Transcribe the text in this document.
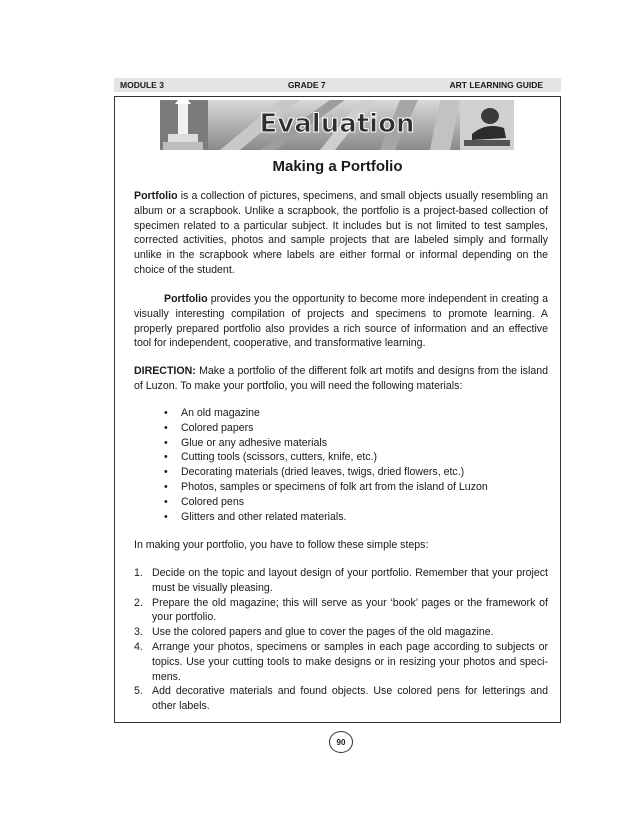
MODULE 3	GRADE 7	ART LEARNING GUIDE
Evaluation
Making a Portfolio
Portfolio is a collection of pictures, specimens, and small objects usually resembling an album or a scrapbook. Unlike a scrapbook, the portfolio is a project-based collection of specimen related to a particular subject. It includes but is not limited to test samples, corrected activities, photos and sample projects that are labeled simply and formally unlike in the scrapbook where labels are either formal or informal depending on the choice of the student.
Portfolio provides you the opportunity to become more independent in creating a visually interesting compilation of projects and specimens to promote learning. A properly prepared portfolio also provides a rich source of information and an effective tool for independent, cooperative, and transformative learning.
DIRECTION: Make a portfolio of the different folk art motifs and designs from the island of Luzon. To make your portfolio, you will need the following materials:
• An old magazine
• Colored papers
• Glue or any adhesive materials
• Cutting tools (scissors, cutters, knife, etc.)
• Decorating materials (dried leaves, twigs, dried flowers, etc.)
• Photos, samples or specimens of folk art from the island of Luzon
• Colored pens
• Glitters and other related materials.
In making your portfolio, you have to follow these simple steps:
1. Decide on the topic and layout design of your portfolio. Remember that your project must be visually pleasing.
2. Prepare the old magazine; this will serve as your ‘book’ pages or the framework of your portfolio.
3. Use the colored papers and glue to cover the pages of the old magazine.
4. Arrange your photos, specimens or samples in each page according to subjects or topics. Use your cutting tools to make designs or in resizing your photos and speci-mens.
5. Add decorative materials and found objects. Use colored pens for letterings and other labels.
90
